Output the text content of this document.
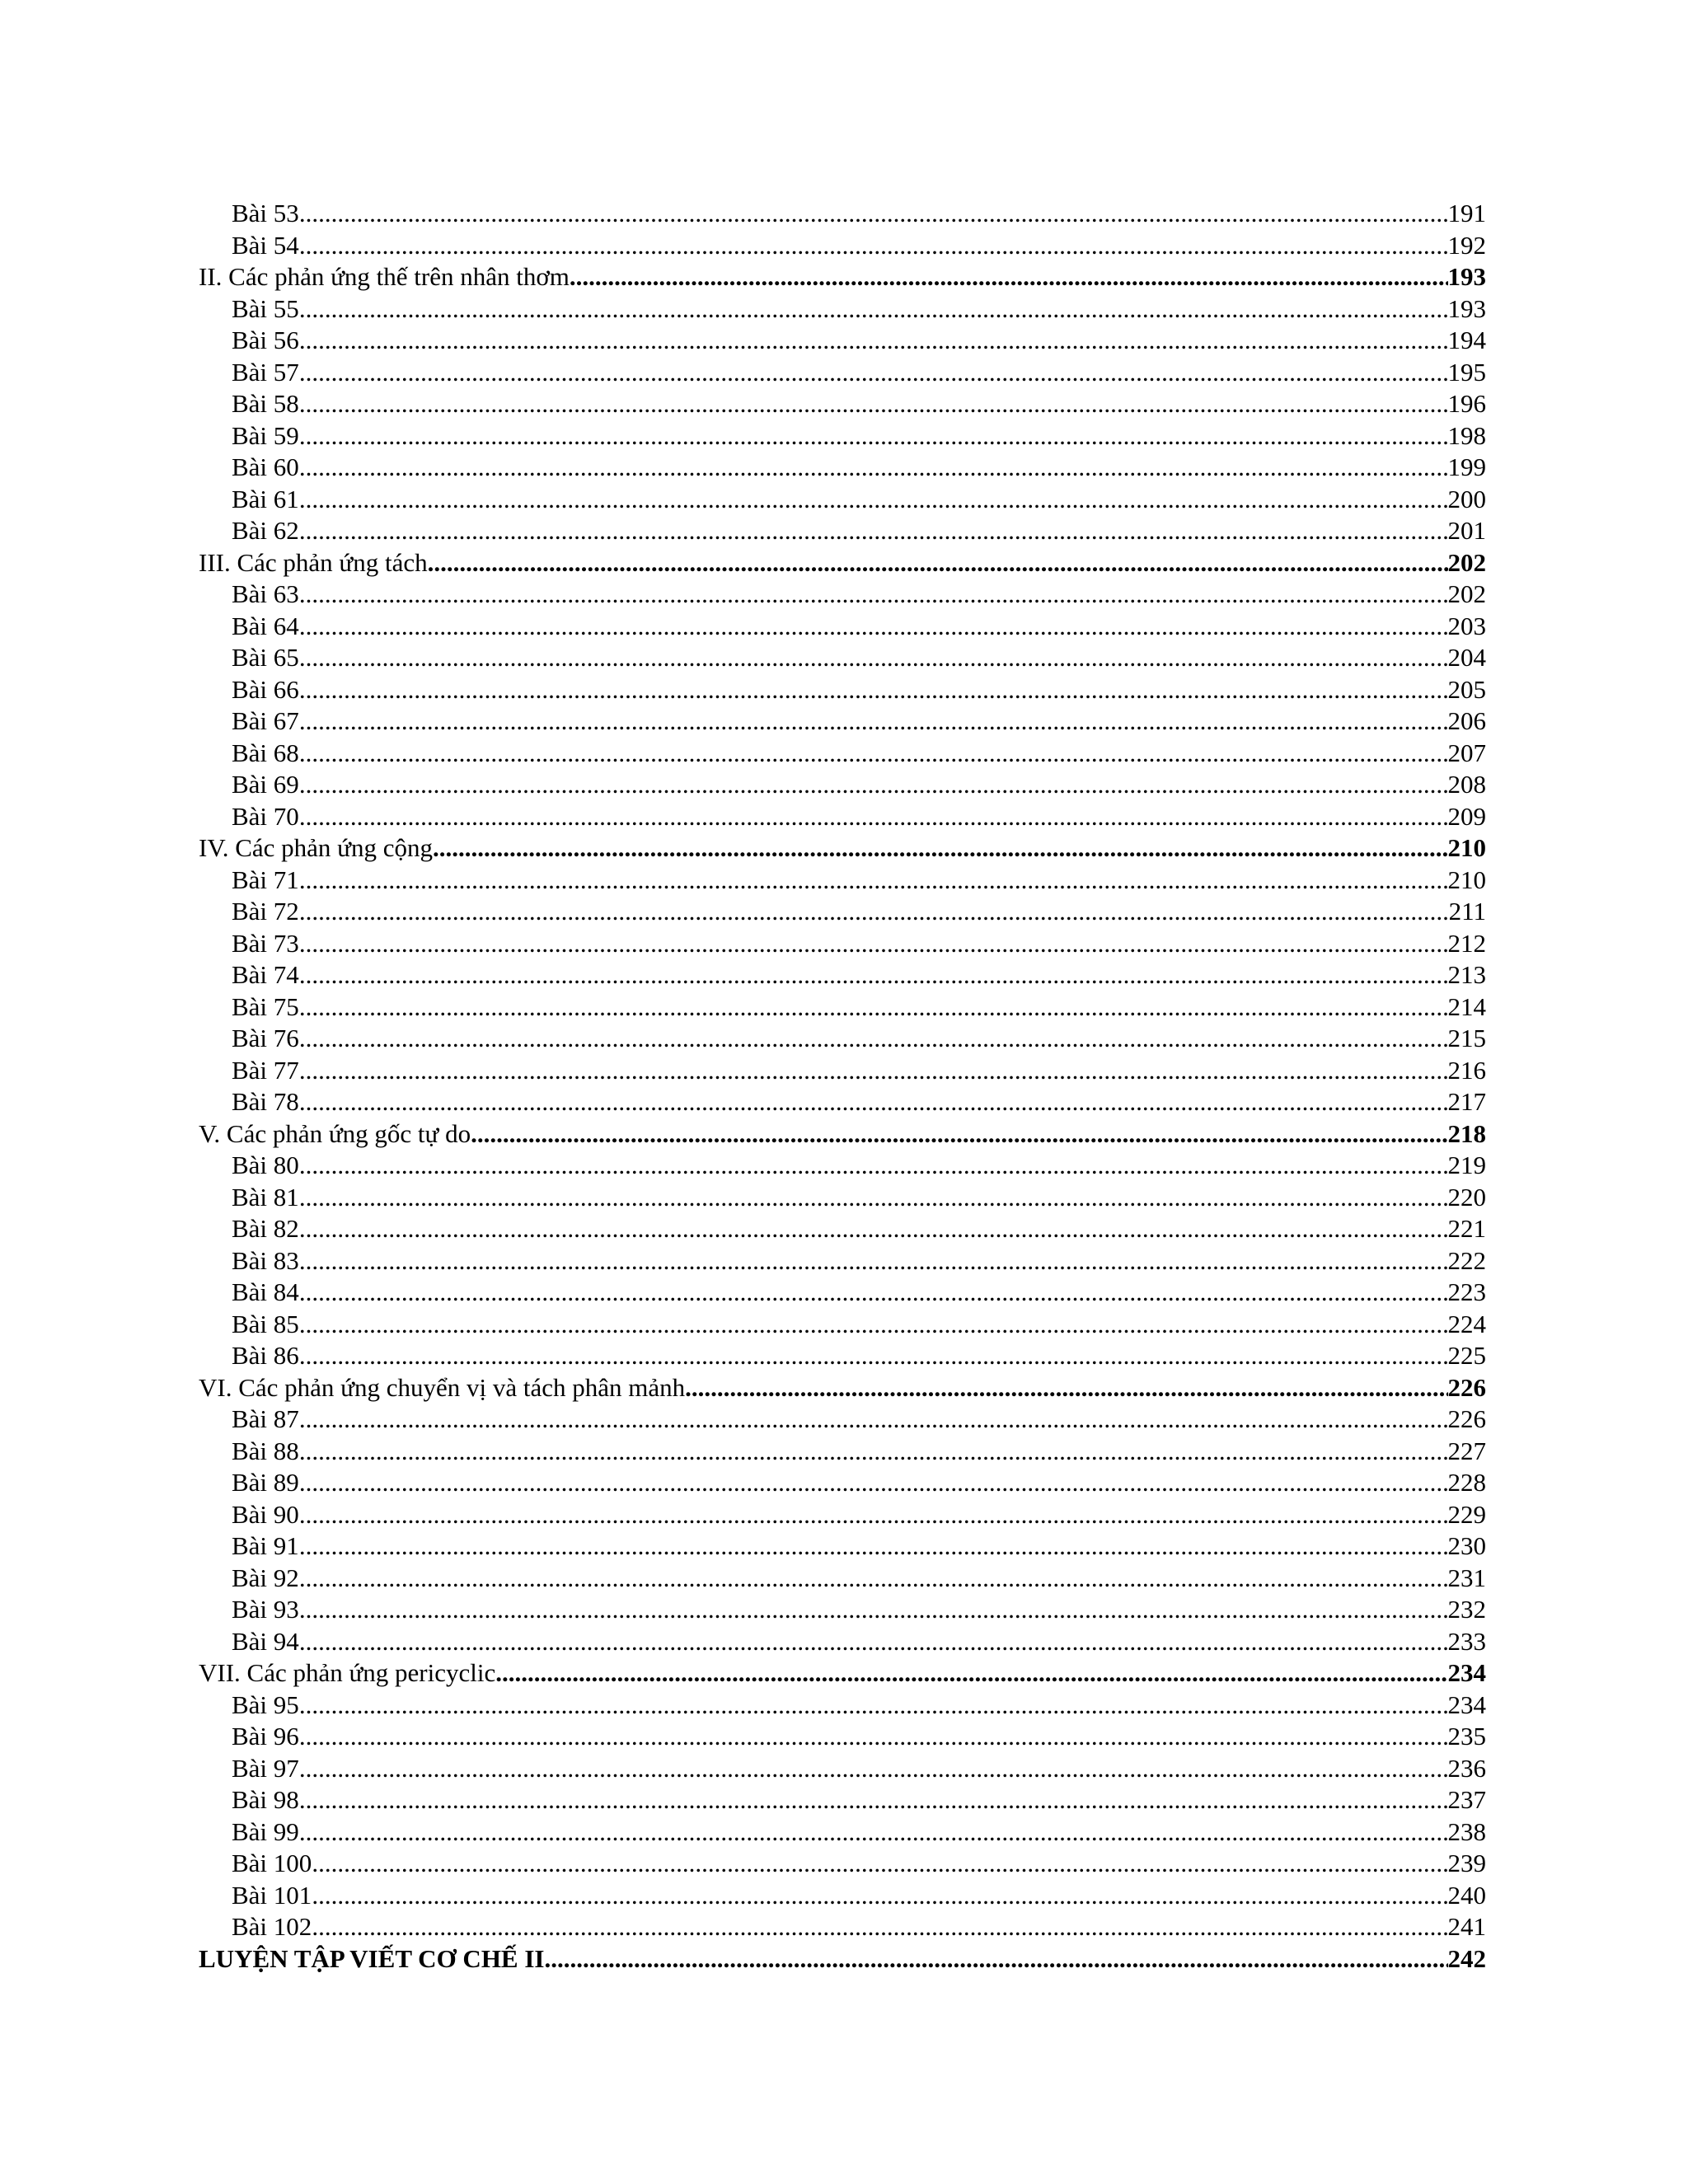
Bài 53 .....	191
Bài 54 .....	192
II. Các phản ứng thế trên nhân thơm .....	193
Bài 55 .....	193
Bài 56 .....	194
Bài 57 .....	195
Bài 58 .....	196
Bài 59 .....	198
Bài 60 .....	199
Bài 61 .....	200
Bài 62 .....	201
III. Các phản ứng tách .....	202
Bài 63 .....	202
Bài 64 .....	203
Bài 65 .....	204
Bài 66 .....	205
Bài 67 .....	206
Bài 68 .....	207
Bài 69 .....	208
Bài 70 .....	209
IV. Các phản ứng cộng .....	210
Bài 71 .....	210
Bài 72 .....	211
Bài 73 .....	212
Bài 74 .....	213
Bài 75 .....	214
Bài 76 .....	215
Bài 77 .....	216
Bài 78 .....	217
V. Các phản ứng gốc tự do .....	218
Bài 80 .....	219
Bài 81 .....	220
Bài 82 .....	221
Bài 83 .....	222
Bài 84 .....	223
Bài 85 .....	224
Bài 86 .....	225
VI. Các phản ứng chuyển vị và tách phân mảnh .....	226
Bài 87 .....	226
Bài 88 .....	227
Bài 89 .....	228
Bài 90 .....	229
Bài 91 .....	230
Bài 92 .....	231
Bài 93 .....	232
Bài 94 .....	233
VII. Các phản ứng pericyclic .....	234
Bài 95 .....	234
Bài 96 .....	235
Bài 97 .....	236
Bài 98 .....	237
Bài 99 .....	238
Bài 100 .....	239
Bài 101 .....	240
Bài 102 .....	241
LUYỆN TẬP VIẾT CƠ CHẾ II .....	242
